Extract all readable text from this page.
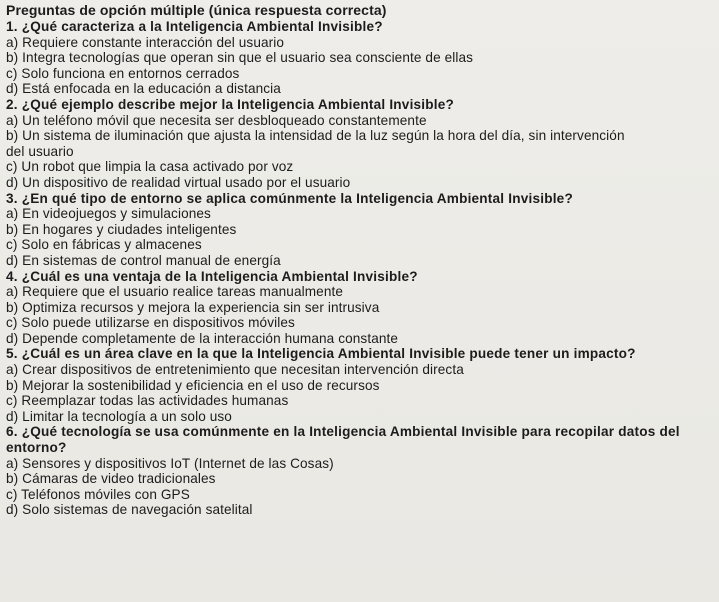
Preguntas de opción múltiple (única respuesta correcta)
1. ¿Qué caracteriza a la Inteligencia Ambiental Invisible?
a) Requiere constante interacción del usuario
b) Integra tecnologías que operan sin que el usuario sea consciente de ellas
c) Solo funciona en entornos cerrados
d) Está enfocada en la educación a distancia
2. ¿Qué ejemplo describe mejor la Inteligencia Ambiental Invisible?
a) Un teléfono móvil que necesita ser desbloqueado constantemente
b) Un sistema de iluminación que ajusta la intensidad de la luz según la hora del día, sin intervención del usuario
c) Un robot que limpia la casa activado por voz
d) Un dispositivo de realidad virtual usado por el usuario
3. ¿En qué tipo de entorno se aplica comúnmente la Inteligencia Ambiental Invisible?
a) En videojuegos y simulaciones
b) En hogares y ciudades inteligentes
c) Solo en fábricas y almacenes
d) En sistemas de control manual de energía
4. ¿Cuál es una ventaja de la Inteligencia Ambiental Invisible?
a) Requiere que el usuario realice tareas manualmente
b) Optimiza recursos y mejora la experiencia sin ser intrusiva
c) Solo puede utilizarse en dispositivos móviles
d) Depende completamente de la interacción humana constante
5. ¿Cuál es un área clave en la que la Inteligencia Ambiental Invisible puede tener un impacto?
a) Crear dispositivos de entretenimiento que necesitan intervención directa
b) Mejorar la sostenibilidad y eficiencia en el uso de recursos
c) Reemplazar todas las actividades humanas
d) Limitar la tecnología a un solo uso
6. ¿Qué tecnología se usa comúnmente en la Inteligencia Ambiental Invisible para recopilar datos del entorno?
a) Sensores y dispositivos IoT (Internet de las Cosas)
b) Cámaras de video tradicionales
c) Teléfonos móviles con GPS
d) Solo sistemas de navegación satelital
